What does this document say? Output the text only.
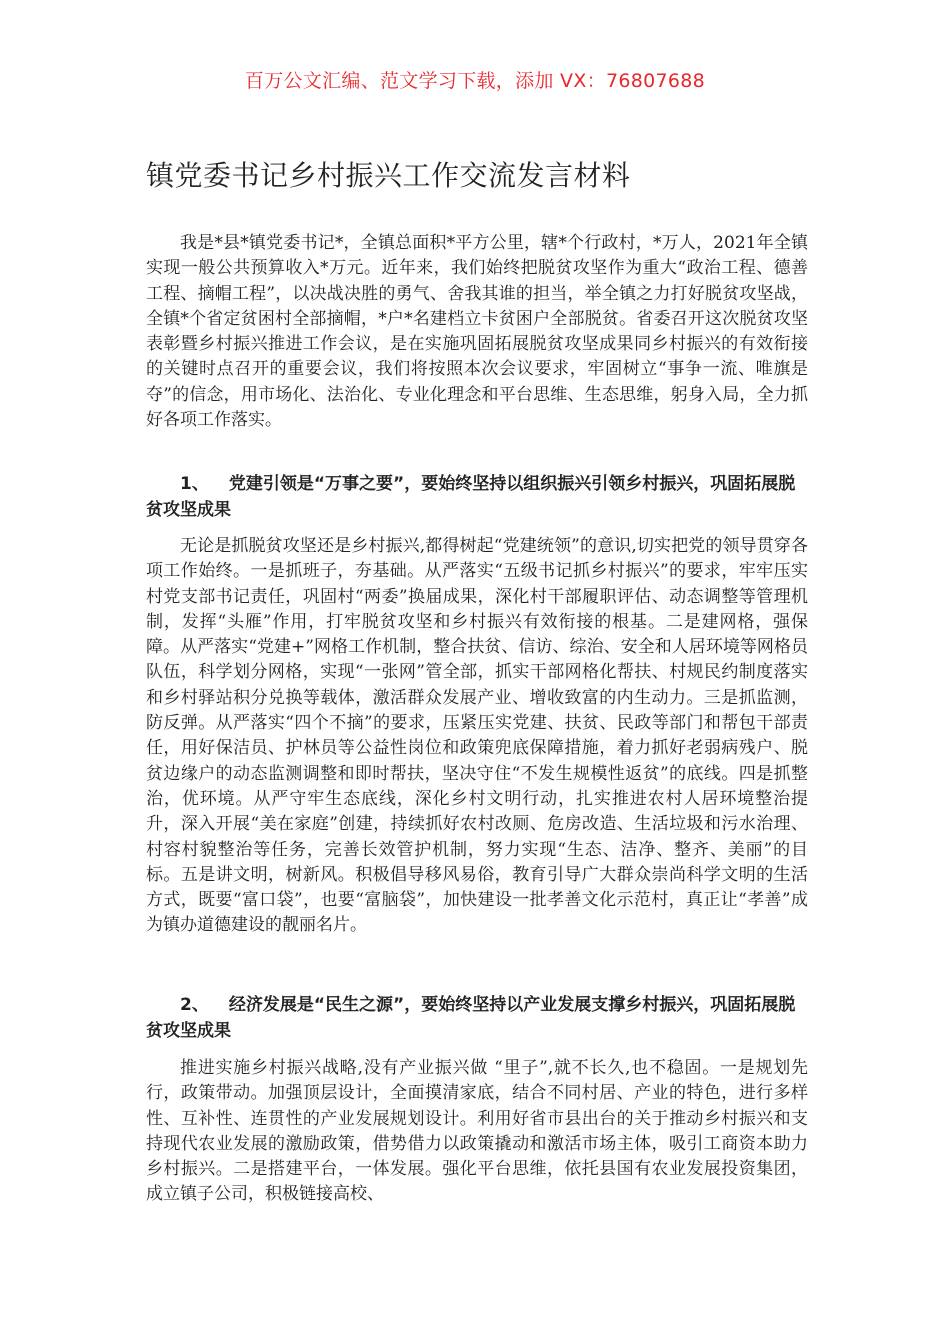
百万公文汇编、范文学习下载，添加 VX：76807688
镇党委书记乡村振兴工作交流发言材料

我是*县*镇党委书记*，全镇总面积*平方公里，辖*个行政村，*万人，2021年全镇实现一般公共预算收入*万元。近年来，我们始终把脱贫攻坚作为重大“政治工程、德善工程、摘帽工程”，以决战决胜的勇气、舍我其谁的担当，举全镇之力打好脱贫攻坚战，全镇*个省定贫困村全部摘帽，*户*名建档立卡贫困户全部脱贫。省委召开这次脱贫攻坚表彰暨乡村振兴推进工作会议，是在实施巩固拓展脱贫攻坚成果同乡村振兴的有效衔接的关键时点召开的重要会议，我们将按照本次会议要求，牢固树立“事争一流、唯旗是夺”的信念，用市场化、法治化、专业化理念和平台思维、生态思维，躬身入局，全力抓好各项工作落实。

1、 党建引领是“万事之要”，要始终坚持以组织振兴引领乡村振兴，巩固拓展脱贫攻坚成果

无论是抓脱贫攻坚还是乡村振兴,都得树起“党建统领”的意识,切实把党的领导贯穿各项工作始终。一是抓班子，夯基础。从严落实“五级书记抓乡村振兴”的要求，牢牢压实村党支部书记责任，巩固村“两委”换届成果，深化村干部履职评估、动态调整等管理机制，发挥“头雁”作用，打牢脱贫攻坚和乡村振兴有效衔接的根基。二是建网格，强保障。从严落实“党建+”网格工作机制，整合扶贫、信访、综治、安全和人居环境等网格员队伍，科学划分网格，实现“一张网”管全部，抓实干部网格化帮扶、村规民约制度落实和乡村驿站积分兑换等载体，激活群众发展产业、增收致富的内生动力。三是抓监测，防反弹。从严落实“四个不摘”的要求，压紧压实党建、扶贫、民政等部门和帮包干部责任，用好保洁员、护林员等公益性岗位和政策兜底保障措施，着力抓好老弱病残户、脱贫边缘户的动态监测调整和即时帮扶，坚决守住“不发生规模性返贫”的底线。四是抓整治，优环境。从严守牢生态底线，深化乡村文明行动，扎实推进农村人居环境整治提升，深入开展“美在家庭”创建，持续抓好农村改厕、危房改造、生活垃圾和污水治理、村容村貌整治等任务，完善长效管护机制，努力实现“生态、洁净、整齐、美丽”的目标。五是讲文明，树新风。积极倡导移风易俗，教育引导广大群众崇尚科学文明的生活方式，既要“富口袋”，也要“富脑袋”，加快建设一批孝善文化示范村，真正让“孝善”成为镇办道德建设的靓丽名片。

2、 经济发展是“民生之源”，要始终坚持以产业发展支撑乡村振兴，巩固拓展脱贫攻坚成果

推进实施乡村振兴战略,没有产业振兴做 “里子”,就不长久,也不稳固。一是规划先行，政策带动。加强顶层设计，全面摸清家底，结合不同村居、产业的特色，进行多样性、互补性、连贯性的产业发展规划设计。利用好省市县出台的关于推动乡村振兴和支持现代农业发展的激励政策，借势借力以政策撬动和激活市场主体，吸引工商资本助力乡村振兴。二是搭建平台，一体发展。强化平台思维，依托县国有农业发展投资集团，成立镇子公司，积极链接高校、
